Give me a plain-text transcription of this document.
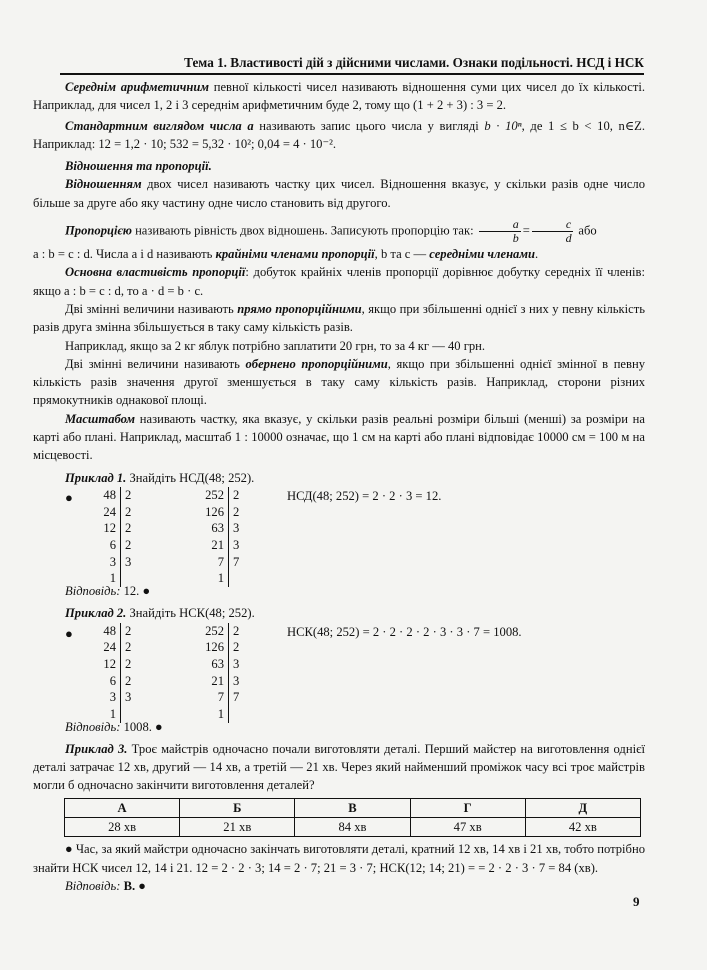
Тема 1. Властивості дій з дійсними числами. Ознаки подільності. НСД і НСК

Середнім арифметичним певної кількості чисел називають відношення суми цих чисел до їх кількості. Наприклад, для чисел 1, 2 і 3 середнім арифметичним буде 2, тому що (1 + 2 + 3) : 3 = 2.

Стандартним виглядом числа a називають запис цього числа у вигляді b · 10ⁿ, де 1 ≤ b < 10, n∈Z. Наприклад: 12 = 1,2 · 10; 532 = 5,32 · 10²; 0,04 = 4 · 10⁻².

Відношення та пропорції.

Відношенням двох чисел називають частку цих чисел. Відношення вказує, у скільки разів одне число більше за друге або яку частину одне число становить від другого.

Пропорцією називають рівність двох відношень. Записують пропорцію так: $\frac{a}{b} = \frac{c}{d}$ або

a : b = c : d. Числа a і d називають крайніми членами пропорції, b та c — середніми членами.

Основна властивість пропорції: добуток крайніх членів пропорції дорівнює добутку середніх її членів: якщо a : b = c : d, то a · d = b · c.

Дві змінні величини називають прямо пропорційними, якщо при збільшенні однієї з них у певну кількість разів друга змінна збільшується в таку саму кількість разів.

Наприклад, якщо за 2 кг яблук потрібно заплатити 20 грн, то за 4 кг — 40 грн.

Дві змінні величини називають обернено пропорційними, якщо при збільшенні однієї змінної в певну кількість разів значення другої зменшується в таку саму кількість разів. Наприклад, сторони різних прямокутників однакової площі.

Масштабом називають частку, яка вказує, у скільки разів реальні розміри більші (менші) за розміри на карті або плані. Наприклад, масштаб 1 : 10000 означає, що 1 см на карті або плані відповідає 10000 см = 100 м на місцевості.

Приклад 1. Знайдіть НСД(48; 252).

● 48	2
24	2
12	2
6	2
3	3
1	
252	2
126	2
63	3
21	3
7	7
1	
НСД(48; 252) = 2 · 2 · 3 = 12.

Відповідь: 12. ●

Приклад 2. Знайдіть НСК(48; 252).

● 48	2
24	2
12	2
6	2
3	3
1	
252	2
126	2
63	3
21	3
7	7
1	
НСК(48; 252) = 2 · 2 · 2 · 2 · 3 · 3 · 7 = 1008.

Відповідь: 1008. ●

Приклад 3. Троє майстрів одночасно почали виготовляти деталі. Перший майстер на виготовлення однієї деталі затрачає 12 хв, другий — 14 хв, а третій — 21 хв. Через який найменший проміжок часу всі троє майстрів могли б одночасно закінчити виготовлення деталей?

А	Б	В	Г	Д
28 хв	21 хв	84 хв	47 хв	42 хв

● Час, за який майстри одночасно закінчать виготовляти деталі, кратний 12 хв, 14 хв і 21 хв, тобто потрібно знайти НСК чисел 12, 14 і 21. 12 = 2 · 2 · 3; 14 = 2 · 7; 21 = 3 · 7; НСК(12; 14; 21) = = 2 · 2 · 3 · 7 = 84 (хв).

Відповідь: В. ●

9
